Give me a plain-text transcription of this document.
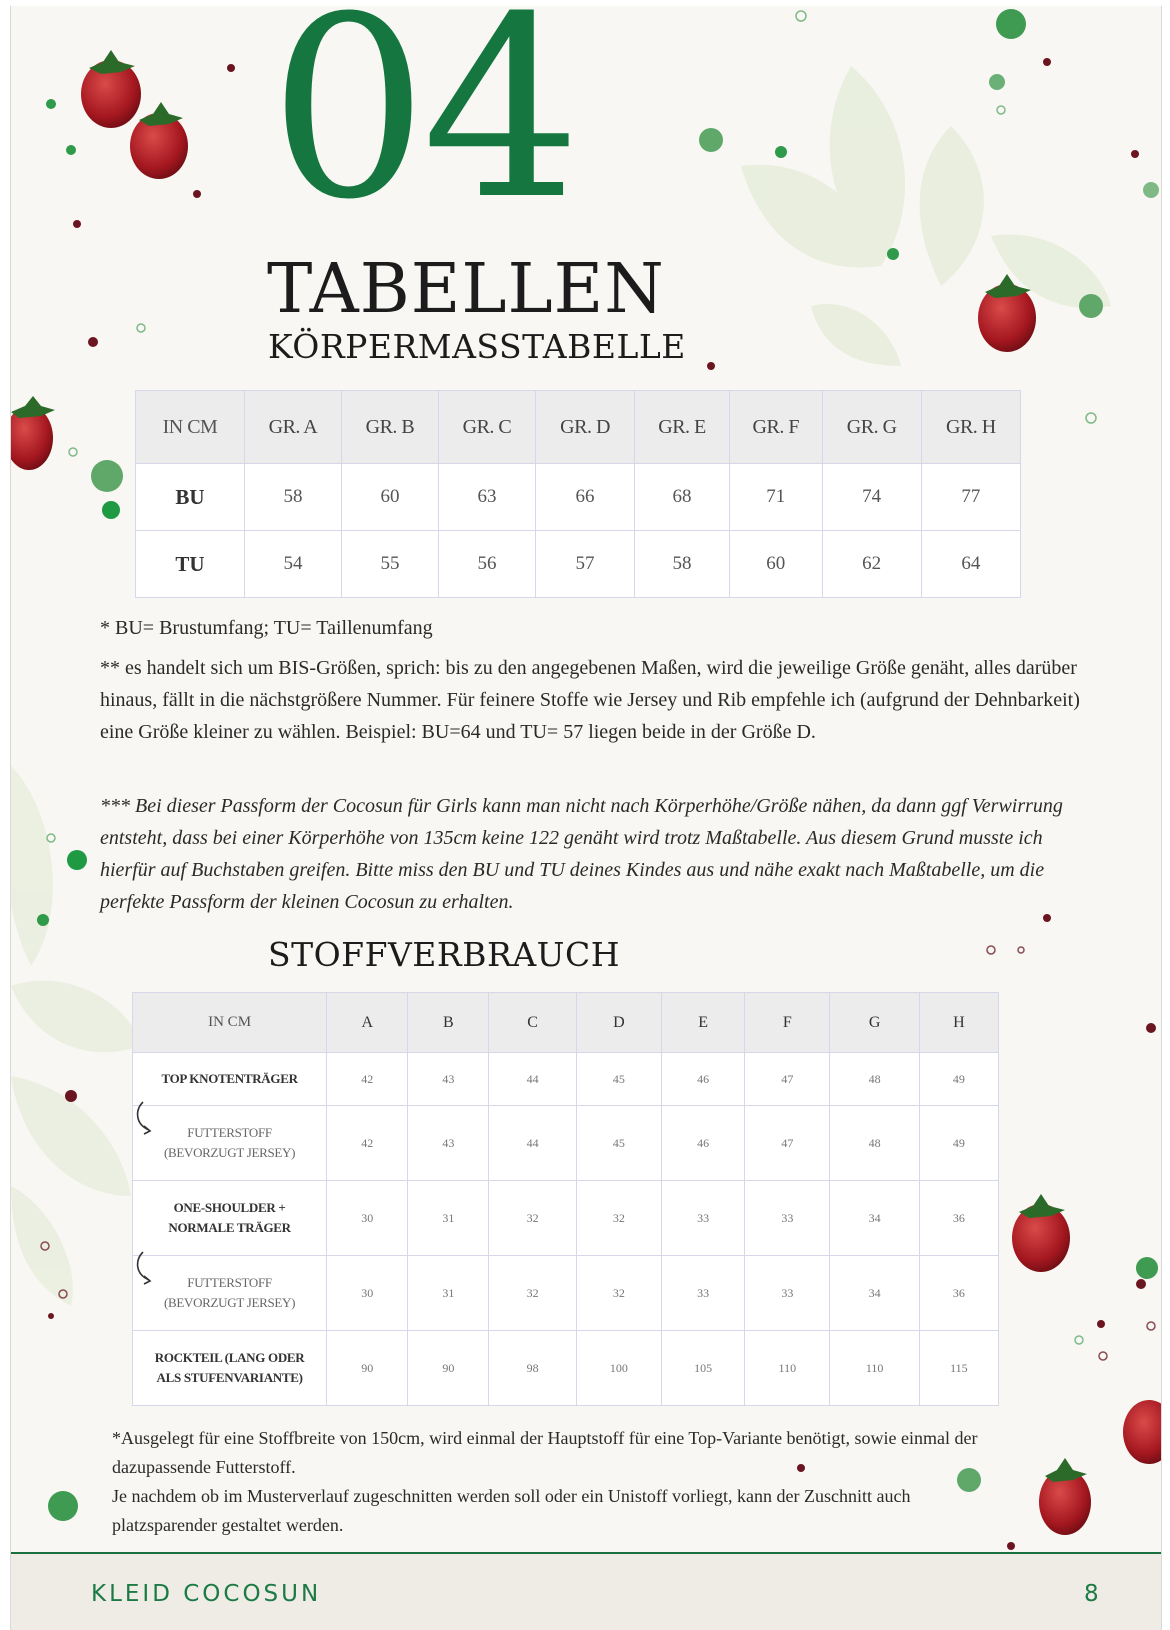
04
TABELLEN
KÖRPERMASSTABELLE
IN CM	GR. A	GR. B	GR. C	GR. D	GR. E	GR. F	GR. G	GR. H
BU	58	60	63	66	68	71	74	77
TU	54	55	56	57	58	60	62	64

* BU= Brustumfang; TU= Taillenumfang

** es handelt sich um BIS-Größen, sprich: bis zu den angegebenen Maßen, wird die jeweilige Größe genäht, alles darüber hinaus, fällt in die nächstgrößere Nummer. Für feinere Stoffe wie Jersey und Rib empfehle ich (aufgrund der Dehnbarkeit) eine Größe kleiner zu wählen. Beispiel: BU=64 und TU= 57 liegen beide in der Größe D.

*** Bei dieser Passform der Cocosun für Girls kann man nicht nach Körperhöhe/Größe nähen, da dann ggf Verwirrung entsteht, dass bei einer Körperhöhe von 135cm keine 122 genäht wird trotz Maßtabelle. Aus diesem Grund musste ich hierfür auf Buchstaben greifen. Bitte miss den BU und TU deines Kindes aus und nähe exakt nach Maßtabelle, um die perfekte Passform der kleinen Cocosun zu erhalten.

STOFFVERBRAUCH
IN CM	A	B	C	D	E	F	G	H

TOP KNOTENTRÄGER	42	43	44	45	46	47	48	49

FUTTERSTOFF
(BEVORZUGT JERSEY)	42	43	44	45	46	47	48	49

ONE-SHOULDER +
NORMALE TRÄGER	30	31	32	32	33	33	34	36

FUTTERSTOFF
(BEVORZUGT JERSEY)	30	31	32	32	33	33	34	36

ROCKTEIL (LANG ODER
ALS STUFENVARIANTE)	90	90	98	100	105	110	110	115

*Ausgelegt für eine Stoffbreite von 150cm, wird einmal der Hauptstoff für eine Top-Variante benötigt, sowie einmal der dazupassende Futterstoff.

Je nachdem ob im Musterverlauf zugeschnitten werden soll oder ein Unistoff vorliegt, kann der Zuschnitt auch platzsparender gestaltet werden.

KLEID COCOSUN	8
